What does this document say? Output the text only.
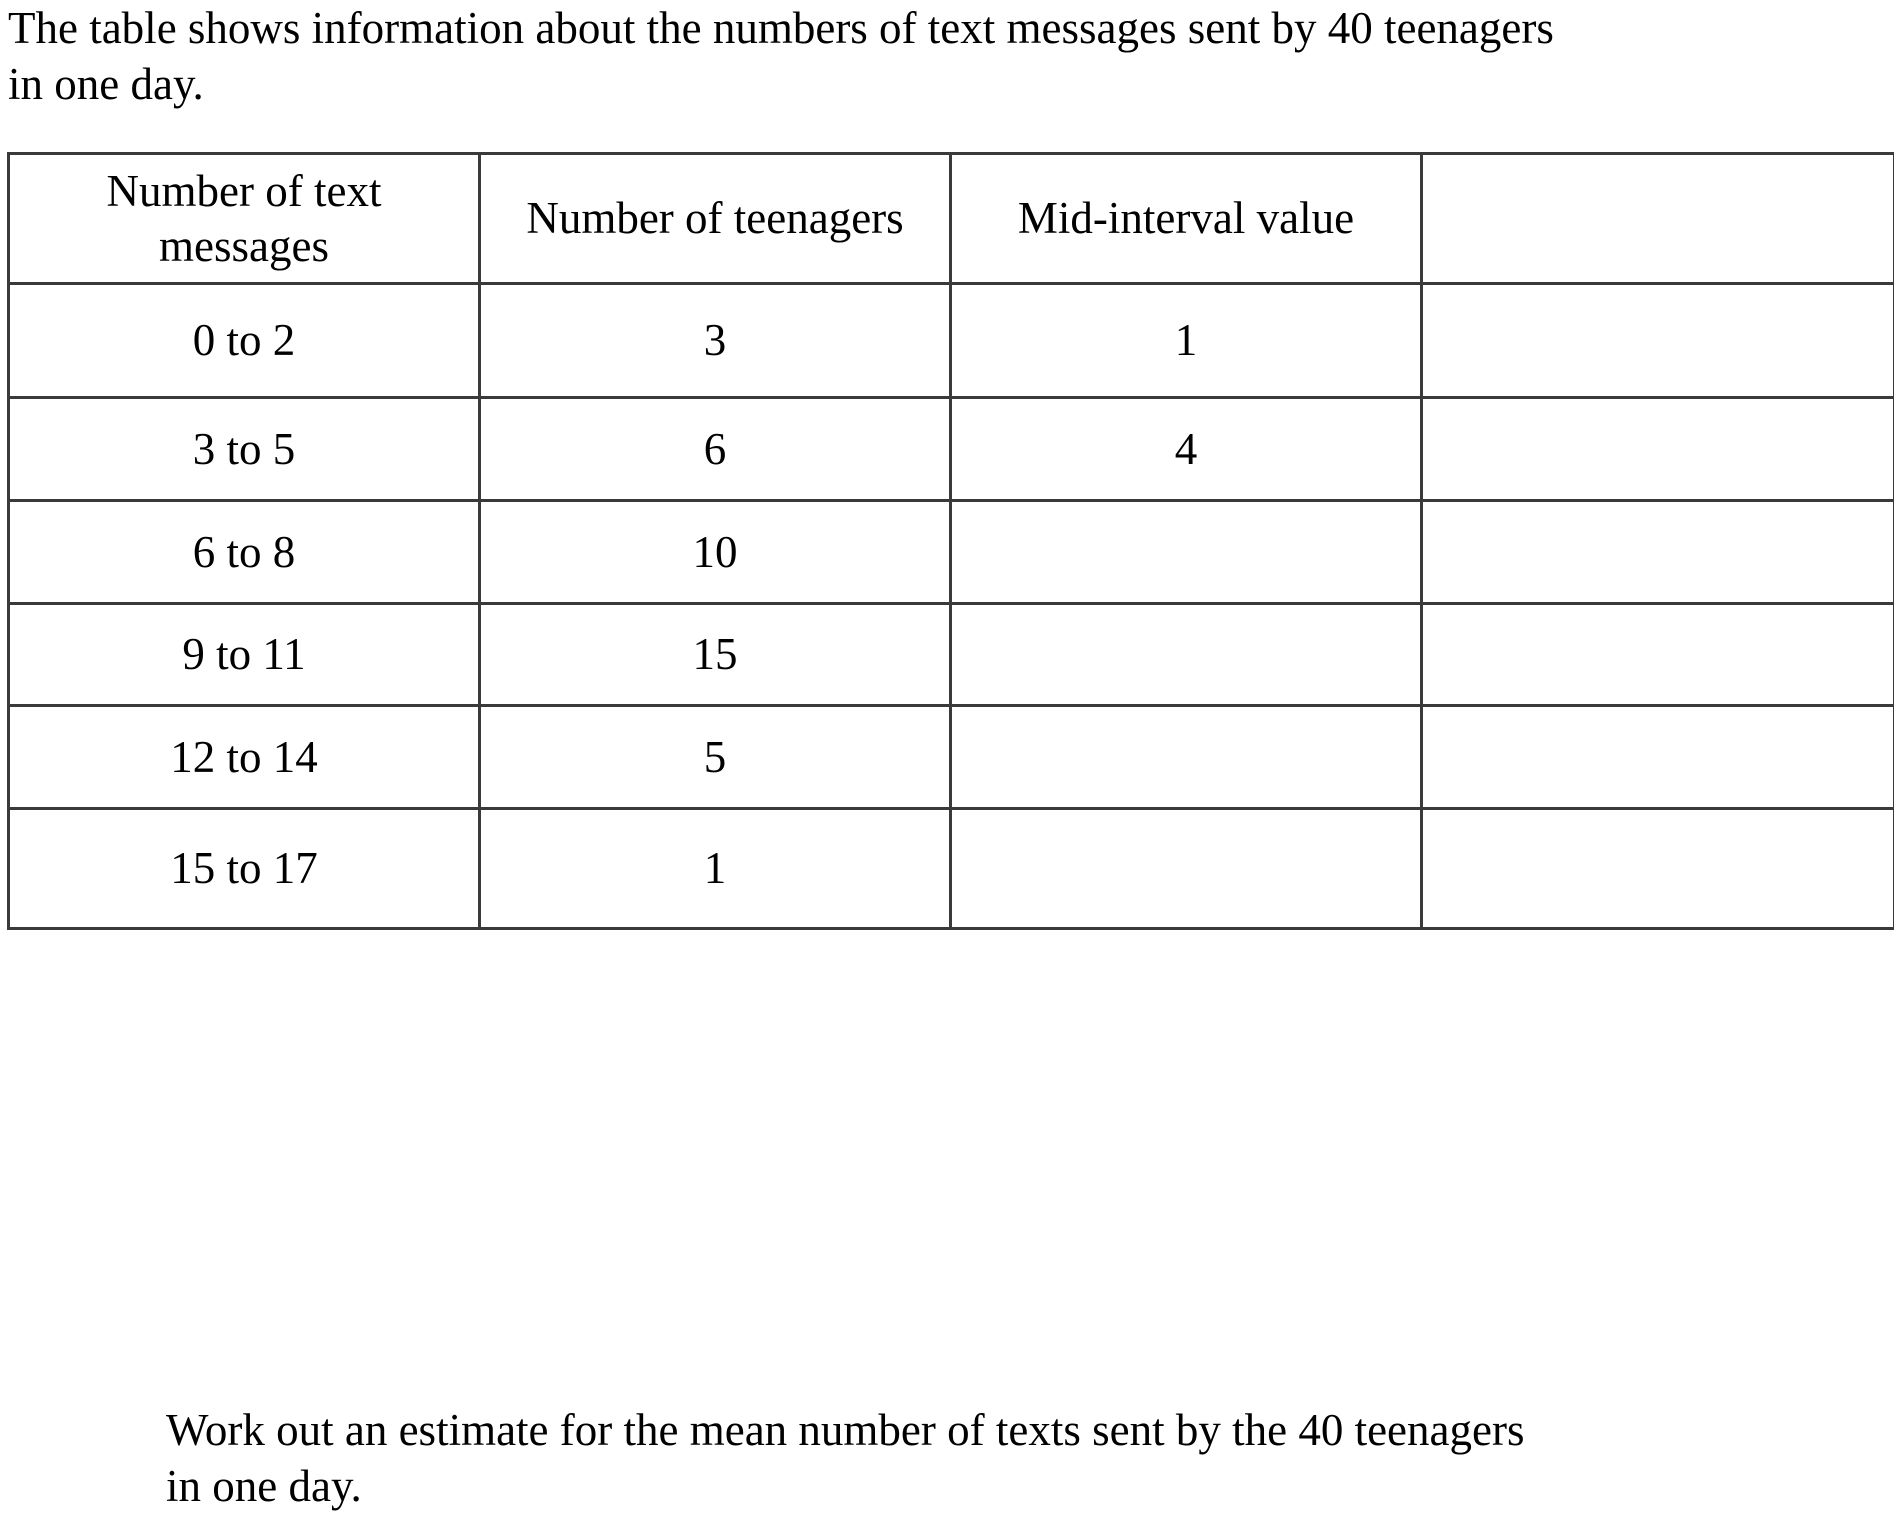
The table shows information about the numbers of text messages sent by 40 teenagers
in one day.

Number of text messages	Number of teenagers	Mid-interval value	
0 to 2	3	1	
3 to 5	6	4	
6 to 8	10		
9 to 11	15		
12 to 14	5		
15 to 17	1		

Work out an estimate for the mean number of texts sent by the 40 teenagers
in one day.
